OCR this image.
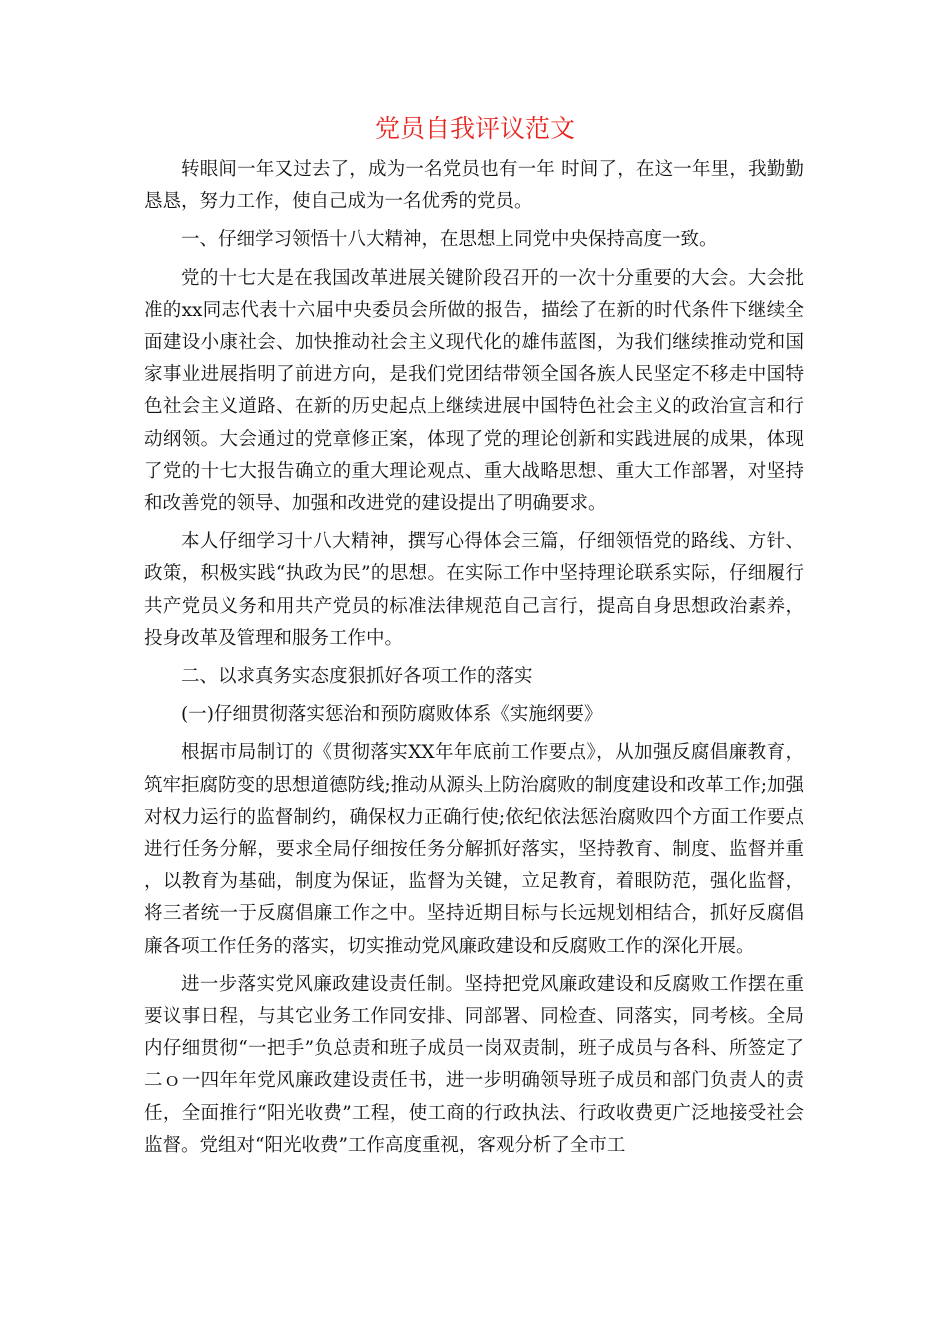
党员自我评议范文

转眼间一年又过去了，成为一名党员也有一年 时间了，在这一年里，我勤勤恳恳，努力工作，使自己成为一名优秀的党员。

一、仔细学习领悟十八大精神，在思想上同党中央保持高度一致。

党的十七大是在我国改革进展关键阶段召开的一次十分重要的大会。大会批准的xx同志代表十六届中央委员会所做的报告，描绘了在新的时代条件下继续全面建设小康社会、加快推动社会主义现代化的雄伟蓝图，为我们继续推动党和国家事业进展指明了前进方向，是我们党团结带领全国各族人民坚定不移走中国特色社会主义道路、在新的历史起点上继续进展中国特色社会主义的政治宣言和行动纲领。大会通过的党章修正案，体现了党的理论创新和实践进展的成果，体现了党的十七大报告确立的重大理论观点、重大战略思想、重大工作部署，对坚持和改善党的领导、加强和改进党的建设提出了明确要求。

本人仔细学习十八大精神，撰写心得体会三篇，仔细领悟党的路线、方针、政策，积极实践“执政为民”的思想。在实际工作中坚持理论联系实际，仔细履行共产党员义务和用共产党员的标准法律规范自己言行，提高自身思想政治素养，投身改革及管理和服务工作中。

二、以求真务实态度狠抓好各项工作的落实

(一)仔细贯彻落实惩治和预防腐败体系《实施纲要》

根据市局制订的《贯彻落实XX年年底前工作要点》，从加强反腐倡廉教育，筑牢拒腐防变的思想道德防线;推动从源头上防治腐败的制度建设和改革工作;加强对权力运行的监督制约，确保权力正确行使;依纪依法惩治腐败四个方面工作要点进行任务分解，要求全局仔细按任务分解抓好落实，坚持教育、制度、监督并重，以教育为基础，制度为保证，监督为关键，立足教育，着眼防范，强化监督，将三者统一于反腐倡廉工作之中。坚持近期目标与长远规划相结合，抓好反腐倡廉各项工作任务的落实，切实推动党风廉政建设和反腐败工作的深化开展。

进一步落实党风廉政建设责任制。坚持把党风廉政建设和反腐败工作摆在重要议事日程，与其它业务工作同安排、同部署、同检查、同落实，同考核。全局内仔细贯彻“一把手”负总责和班子成员一岗双责制，班子成员与各科、所签定了二ｏ一四年年党风廉政建设责任书，进一步明确领导班子成员和部门负责人的责任，全面推行“阳光收费”工程，使工商的行政执法、行政收费更广泛地接受社会监督。党组对“阳光收费”工作高度重视，客观分析了全市工
